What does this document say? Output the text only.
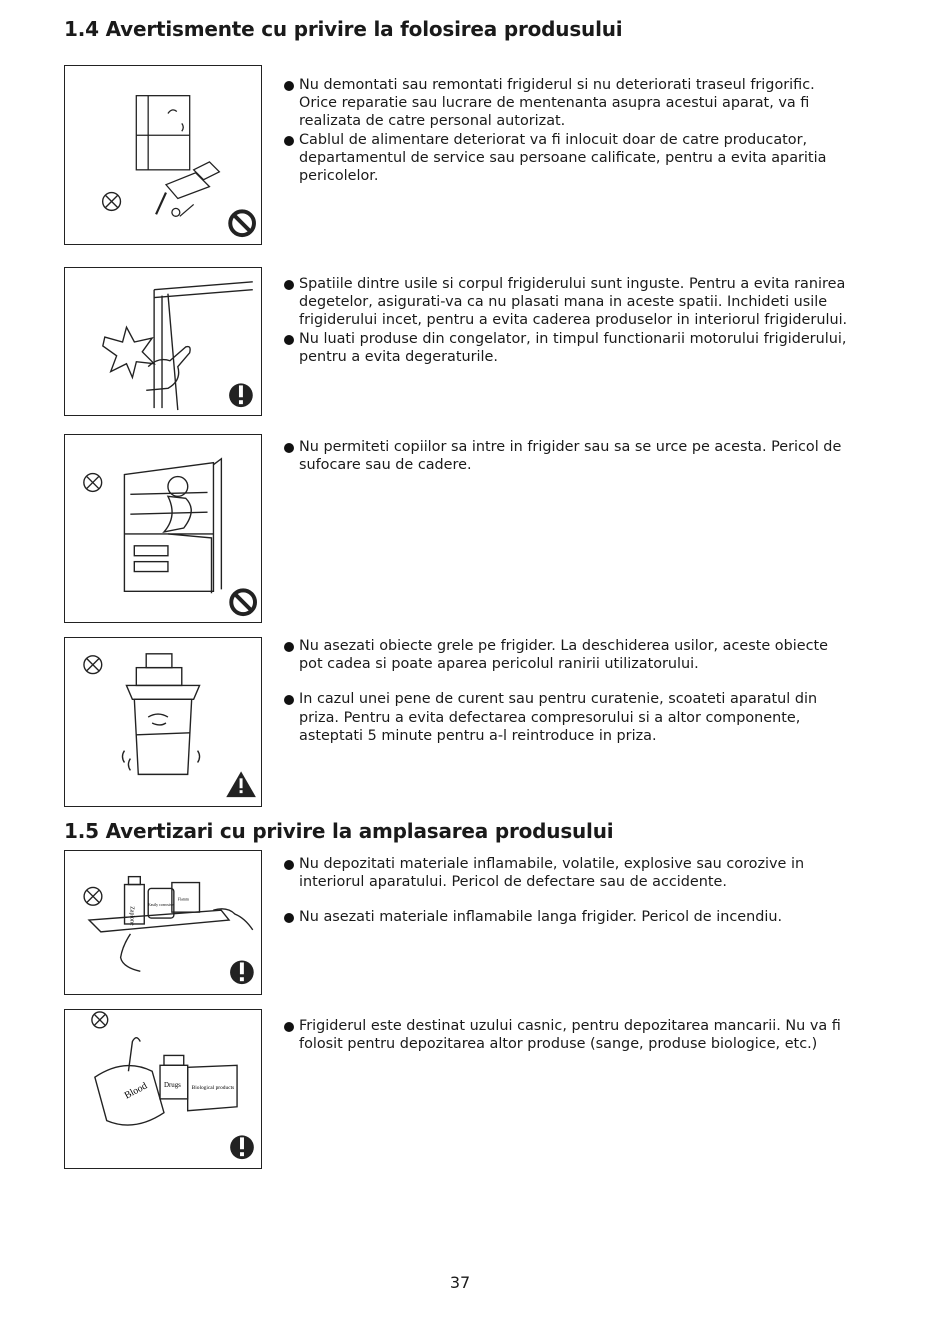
1.4 Avertismente cu privire la folosirea produsului
Nu demontati sau remontati frigiderul si nu deteriorati traseul frigorific. Orice reparatie sau lucrare de mentenanta asupra acestui aparat, va fi realizata de catre personal autorizat.
Cablul de alimentare deteriorat va fi inlocuit doar de catre producator, departamentul de service sau persoane calificate, pentru a evita aparitia pericolelor.
Spatiile dintre usile si corpul frigiderului sunt inguste. Pentru a evita ranirea degetelor, asigurati-va ca nu plasati mana in aceste spatii. Inchideti usile frigiderului incet, pentru a evita caderea produselor in interiorul frigiderului.
Nu luati produse din congelator, in timpul functionarii motorului frigiderului, pentru a evita degeraturile.
Nu permiteti copiilor sa intre in frigider sau sa se urce pe acesta. Pericol de sufocare sau de cadere.
Nu asezati obiecte grele pe frigider. La deschiderea usilor, aceste obiecte pot cadea si poate aparea pericolul ranirii utilizatorului.
In cazul unei pene de curent sau pentru curatenie, scoateti aparatul din priza. Pentru a evita defectarea compresorului si a altor componente, asteptati 5 minute pentru a-l reintroduce in priza.
1.5 Avertizari cu privire la amplasarea produsului
Zaplone
Easily corrosive
Flamm
Nu depozitati materiale inflamabile, volatile, explosive sau corozive in interiorul aparatului. Pericol de defectare sau de accidente.
Nu asezati materiale inflamabile langa frigider. Pericol de incendiu.
Blood Drugs Biological products
Frigiderul este destinat uzului casnic, pentru depozitarea mancarii. Nu va fi folosit pentru depozitarea altor produse (sange, produse biologice, etc.)
37
